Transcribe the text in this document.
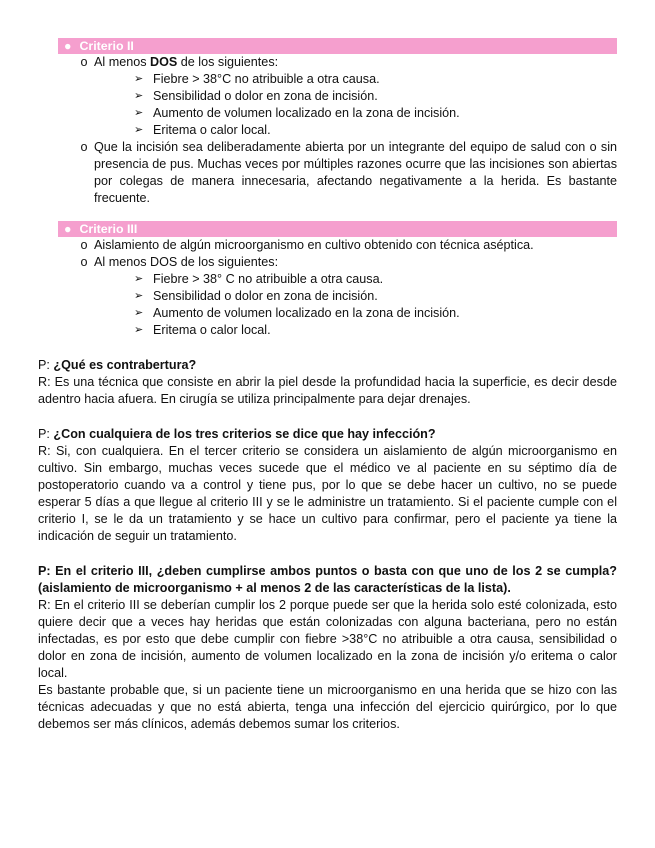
● Criterio II
o Al menos DOS de los siguientes:
➢ Fiebre > 38°C no atribuible a otra causa.
➢ Sensibilidad o dolor en zona de incisión.
➢ Aumento de volumen localizado en la zona de incisión.
➢ Eritema o calor local.
o Que la incisión sea deliberadamente abierta por un integrante del equipo de salud con o sin presencia de pus. Muchas veces por múltiples razones ocurre que las incisiones son abiertas por colegas de manera innecesaria, afectando negativamente a la herida. Es bastante frecuente.
● Criterio III
o Aislamiento de algún microorganismo en cultivo obtenido con técnica aséptica.
o Al menos DOS de los siguientes:
➢ Fiebre > 38° C no atribuible a otra causa.
➢ Sensibilidad o dolor en zona de incisión.
➢ Aumento de volumen localizado en la zona de incisión.
➢ Eritema o calor local.
P: ¿Qué es contrabertura?
R: Es una técnica que consiste en abrir la piel desde la profundidad hacia la superficie, es decir desde adentro hacia afuera. En cirugía se utiliza principalmente para dejar drenajes.
P: ¿Con cualquiera de los tres criterios se dice que hay infección?
R: Si, con cualquiera. En el tercer criterio se considera un aislamiento de algún microorganismo en cultivo. Sin embargo, muchas veces sucede que el médico ve al paciente en su séptimo día de postoperatorio cuando va a control y tiene pus, por lo que se debe hacer un cultivo, no se puede esperar 5 días a que llegue al criterio III y se le administre un tratamiento. Si el paciente cumple con el criterio I, se le da un tratamiento y se hace un cultivo para confirmar, pero el paciente ya tiene la indicación de seguir un tratamiento.
P: En el criterio III, ¿deben cumplirse ambos puntos o basta con que uno de los 2 se cumpla? (aislamiento de microorganismo + al menos 2 de las características de la lista).
R: En el criterio III se deberían cumplir los 2 porque puede ser que la herida solo esté colonizada, esto quiere decir que a veces hay heridas que están colonizadas con alguna bacteriana, pero no están infectadas, es por esto que debe cumplir con fiebre >38°C no atribuible a otra causa, sensibilidad o dolor en zona de incisión, aumento de volumen localizado en la zona de incisión y/o eritema o calor local.
Es bastante probable que, si un paciente tiene un microorganismo en una herida que se hizo con las técnicas adecuadas y que no está abierta, tenga una infección del ejercicio quirúrgico, por lo que debemos ser más clínicos, además debemos sumar los criterios.
